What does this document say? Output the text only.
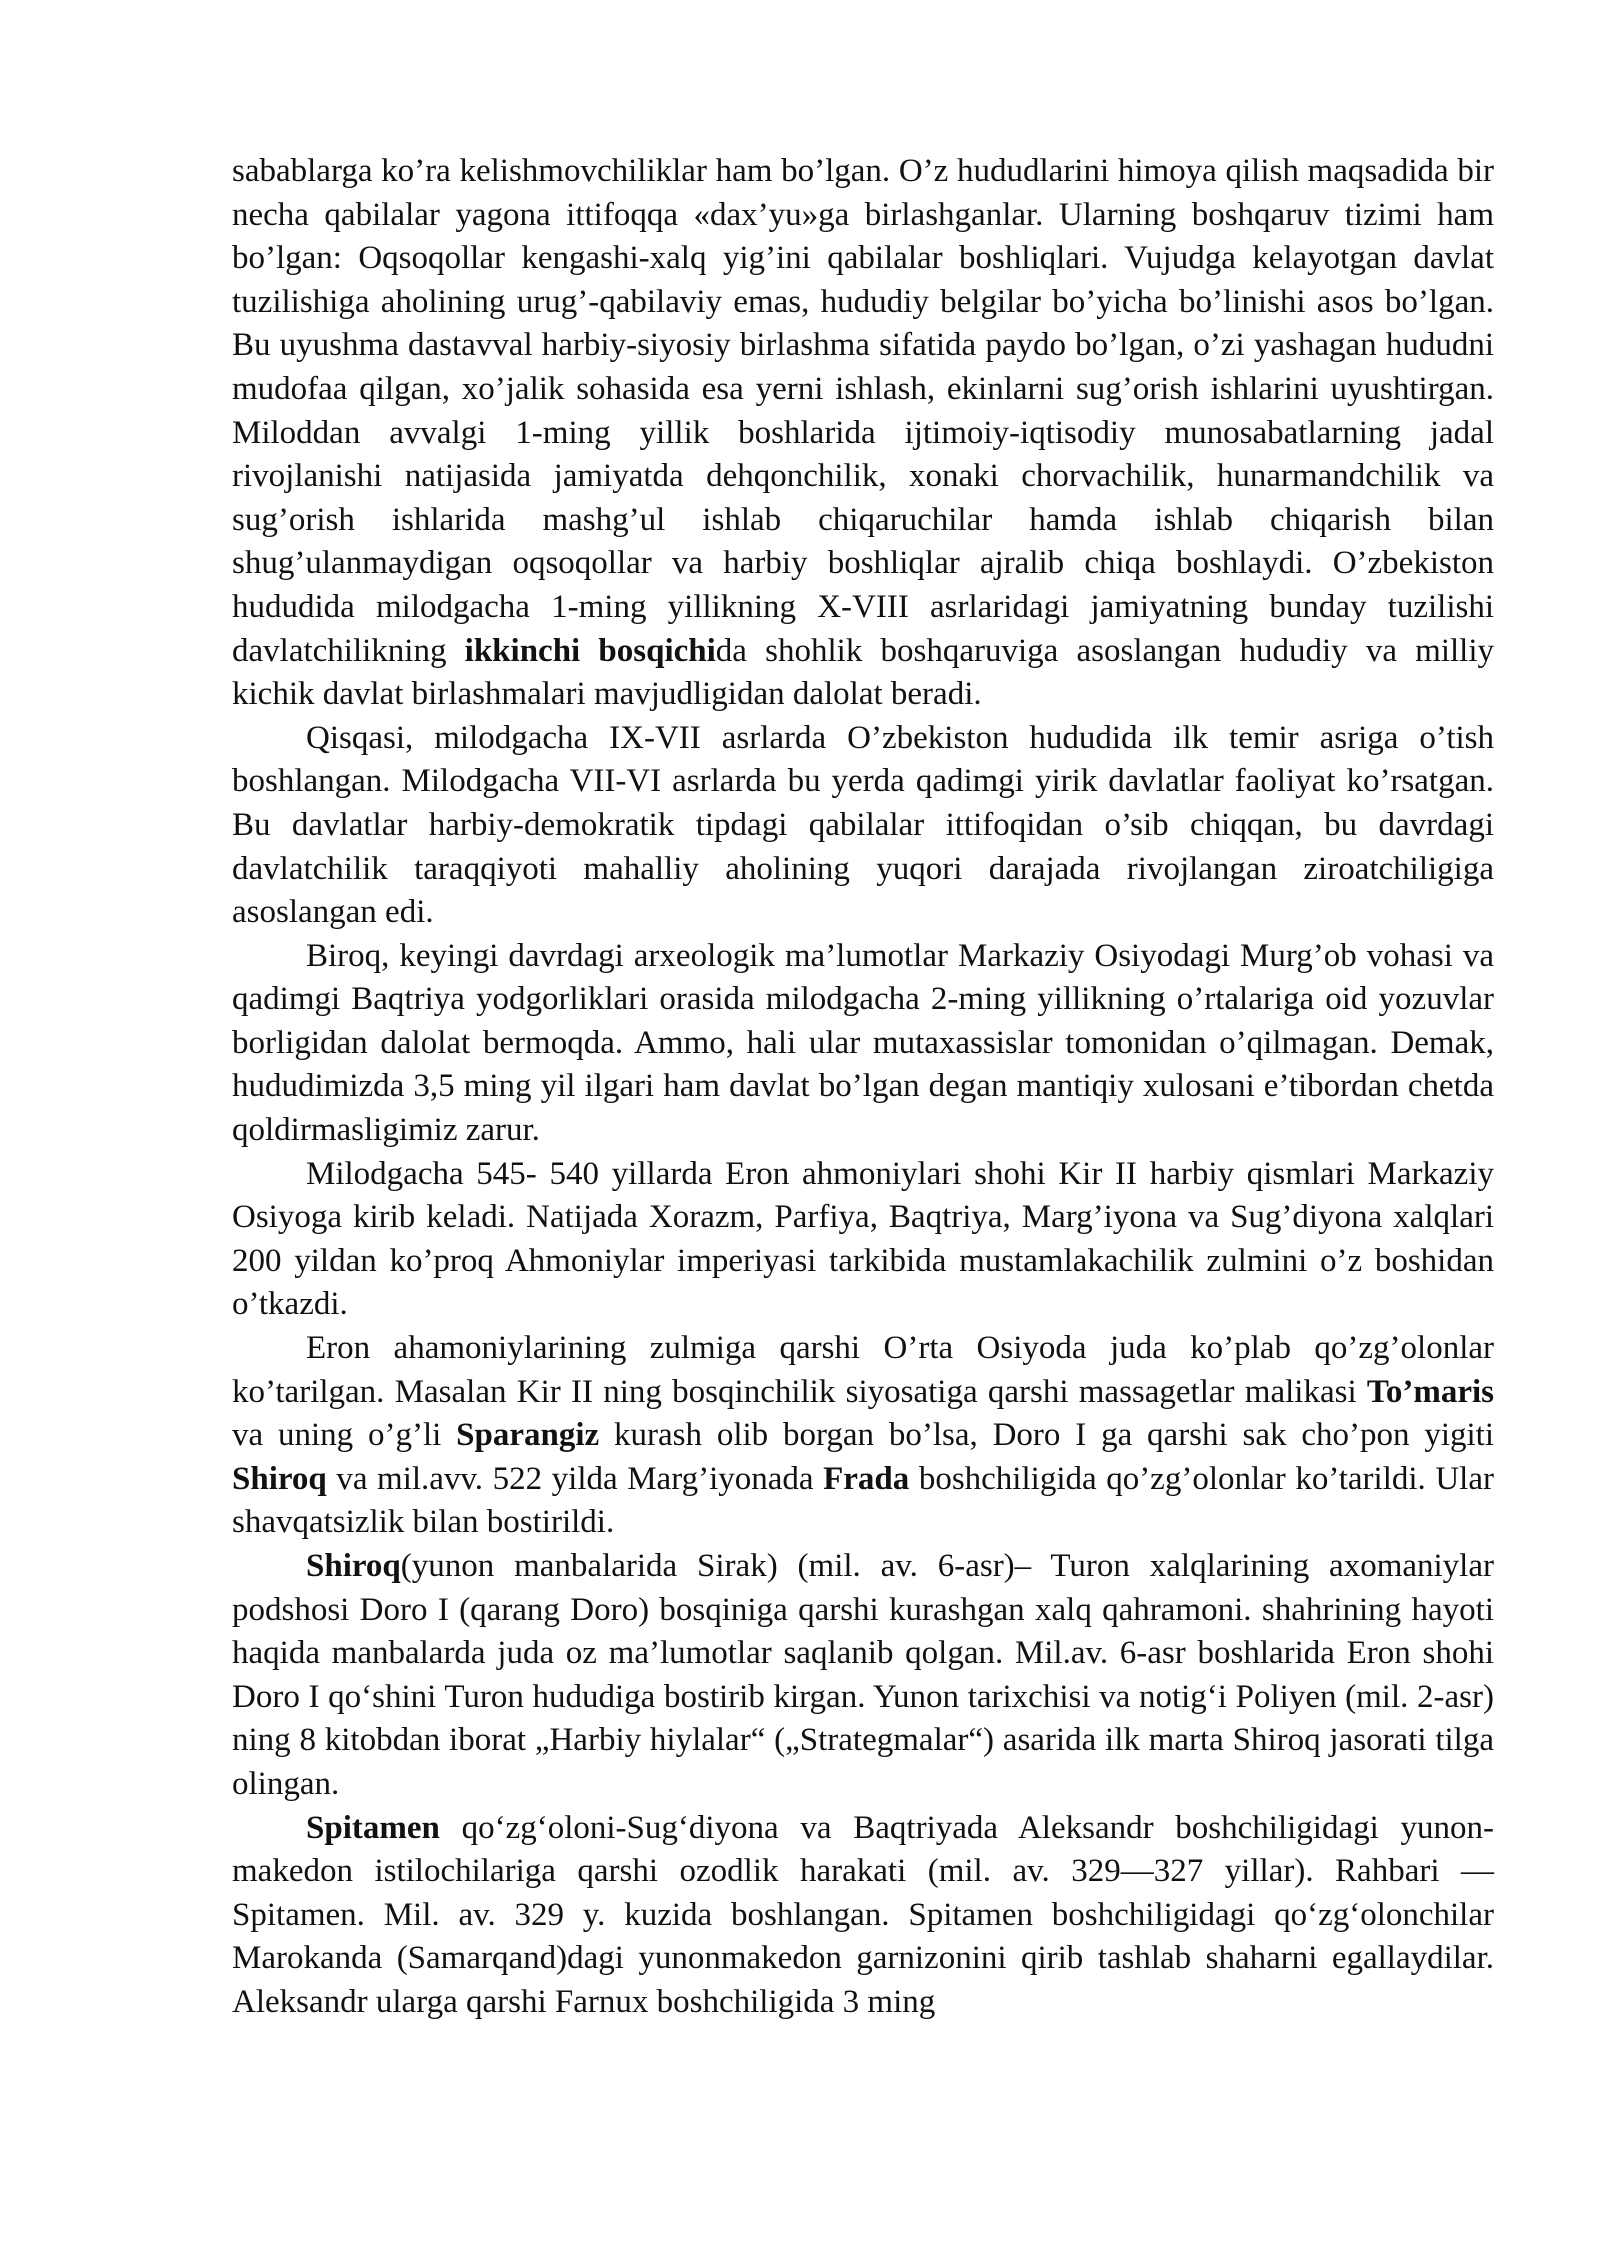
sabablarga ko’ra kelishmovchiliklar ham bo’lgan. O’z hududlarini himoya qilish maqsadida bir necha qabilalar yagona ittifoqqa «dax’yu»ga birlashganlar. Ularning boshqaruv tizimi ham bo’lgan: Oqsoqollar kengashi-xalq yig’ini qabilalar boshliqlari. Vujudga kelayotgan davlat tuzilishiga aholining urug’-qabilaviy emas, hududiy belgilar bo’yicha bo’linishi asos bo’lgan. Bu uyushma dastavval harbiy-siyosiy birlashma sifatida paydo bo’lgan, o’zi yashagan hududni mudofaa qilgan, xo’jalik sohasida esa yerni ishlash, ekinlarni sug’orish ishlarini uyushtirgan. Miloddan avvalgi 1-ming yillik boshlarida ijtimoiy-iqtisodiy munosabatlarning jadal rivojlanishi natijasida jamiyatda dehqonchilik, xonaki chorvachilik, hunarmandchilik va sug’orish ishlarida mashg’ul ishlab chiqaruchilar hamda ishlab chiqarish bilan shug’ulanmaydigan oqsoqollar va harbiy boshliqlar ajralib chiqa boshlaydi. O’zbekiston hududida milodgacha 1-ming yillikning X-VIII asrlaridagi jamiyatning bunday tuzilishi davlatchilikning ikkinchi bosqichida shohlik boshqaruviga asoslangan hududiy va milliy kichik davlat birlashmalari mavjudligidan dalolat beradi.

Qisqasi, milodgacha IX-VII asrlarda O’zbekiston hududida ilk temir asriga o’tish boshlangan. Milodgacha VII-VI asrlarda bu yerda qadimgi yirik davlatlar faoliyat ko’rsatgan. Bu davlatlar harbiy-demokratik tipdagi qabilalar ittifoqidan o’sib chiqqan, bu davrdagi davlatchilik taraqqiyoti mahalliy aholining yuqori darajada rivojlangan ziroatchiligiga asoslangan edi.

Biroq, keyingi davrdagi arxeologik ma’lumotlar Markaziy Osiyodagi Murg’ob vohasi va qadimgi Baqtriya yodgorliklari orasida milodgacha 2-ming yillikning o’rtalariga oid yozuvlar borligidan dalolat bermoqda. Ammo, hali ular mutaxassislar tomonidan o’qilmagan. Demak, hududimizda 3,5 ming yil ilgari ham davlat bo’lgan degan mantiqiy xulosani e’tibordan chetda qoldirmasligimiz zarur.

Milodgacha 545- 540 yillarda Eron ahmoniylari shohi Kir II harbiy qismlari Markaziy Osiyoga kirib keladi. Natijada Xorazm, Parfiya, Baqtriya, Marg’iyona va Sug’diyona xalqlari 200 yildan ko’proq Ahmoniylar imperiyasi tarkibida mustamlakachilik zulmini o’z boshidan o’tkazdi.

Eron ahamoniylarining zulmiga qarshi O’rta Osiyoda juda ko’plab qo’zg’olonlar ko’tarilgan. Masalan Kir II ning bosqinchilik siyosatiga qarshi massagetlar malikasi To’maris va uning o’g’li Sparangiz kurash olib borgan bo’lsa, Doro I ga qarshi sak cho’pon yigiti Shiroq va mil.avv. 522 yilda Marg’iyonada Frada boshchiligida qo’zg’olonlar ko’tarildi. Ular shavqatsizlik bilan bostirildi.

Shiroq(yunon manbalarida Sirak) (mil. av. 6-asr)– Turon xalqlarining axomaniylar podshosi Doro I (qarang Doro) bosqiniga qarshi kurashgan xalq qahramoni. shahrining hayoti haqida manbalarda juda oz ma’lumotlar saqlanib qolgan. Mil.av. 6-asr boshlarida Eron shohi Doro I qo‘shini Turon hududiga bostirib kirgan. Yunon tarixchisi va notig‘i Poliyen (mil. 2-asr) ning 8 kitobdan iborat „Harbiy hiylalar“ („Strategmalar“) asarida ilk marta Shiroq jasorati tilga olingan.

Spitamen qo‘zg‘oloni-Sug‘diyona va Baqtriyada Aleksandr boshchiligidagi yunon-makedon istilochilariga qarshi ozodlik harakati (mil. av. 329—327 yillar). Rahbari — Spitamen. Mil. av. 329 y. kuzida boshlangan. Spitamen boshchiligidagi qo‘zg‘olonchilar Marokanda (Samarqand)dagi yunonmakedon garnizonini qirib tashlab shaharni egallaydilar. Aleksandr ularga qarshi Farnux boshchiligida 3 ming
